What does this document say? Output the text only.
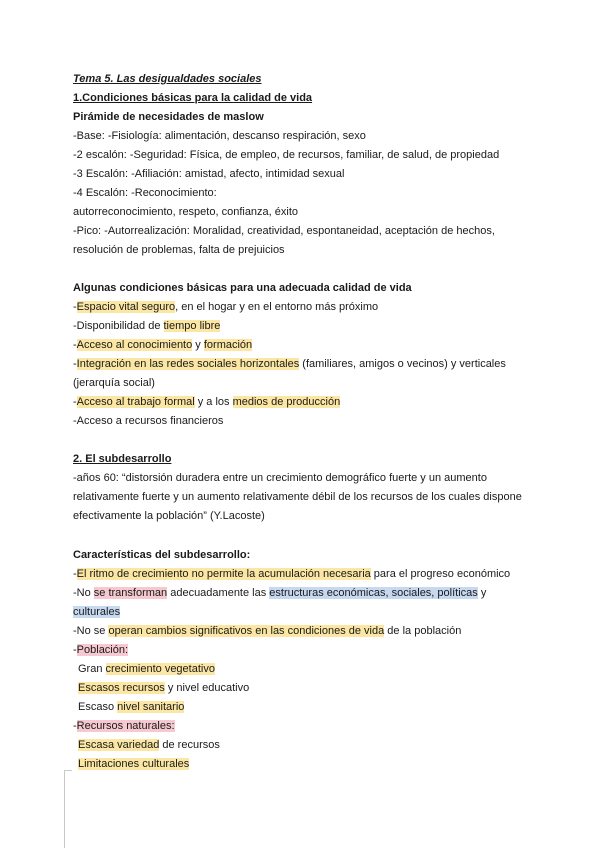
Tema 5. Las desigualdades sociales
1.Condiciones básicas para la calidad de vida
Pirámide de necesidades de maslow
-Base: -Fisiología: alimentación, descanso respiración, sexo
-2 escalón: -Seguridad: Física, de empleo, de recursos, familiar, de salud, de propiedad
-3 Escalón: -Afiliación: amistad, afecto, intimidad sexual
-4 Escalón: -Reconocimiento:
autorreconocimiento, respeto, confianza, éxito
-Pico: -Autorrealización: Moralidad, creatividad, espontaneidad, aceptación de hechos,
resolución de problemas, falta de prejuicios
Algunas condiciones básicas para una adecuada calidad de vida
-Espacio vital seguro, en el hogar y en el entorno más próximo
-Disponibilidad de tiempo libre
-Acceso al conocimiento y formación
-Integración en las redes sociales horizontales (familiares, amigos o vecinos) y verticales
(jerarquía social)
-Acceso al trabajo formal y a los medios de producción
-Acceso a recursos financieros
2. El subdesarrollo
-años 60: “distorsión duradera entre un crecimiento demográfico fuerte y un aumento
relativamente fuerte y un aumento relativamente débil de los recursos de los cuales dispone
efectivamente la población” (Y.Lacoste)
Características del subdesarrollo:
-El ritmo de crecimiento no permite la acumulación necesaria para el progreso económico
-No se transforman adecuadamente las estructuras económicas, sociales, políticas y
culturales
-No se operan cambios significativos en las condiciones de vida de la población
-Población:
Gran crecimiento vegetativo
Escasos recursos y nivel educativo
Escaso nivel sanitario
-Recursos naturales:
Escasa variedad de recursos
Limitaciones culturales
